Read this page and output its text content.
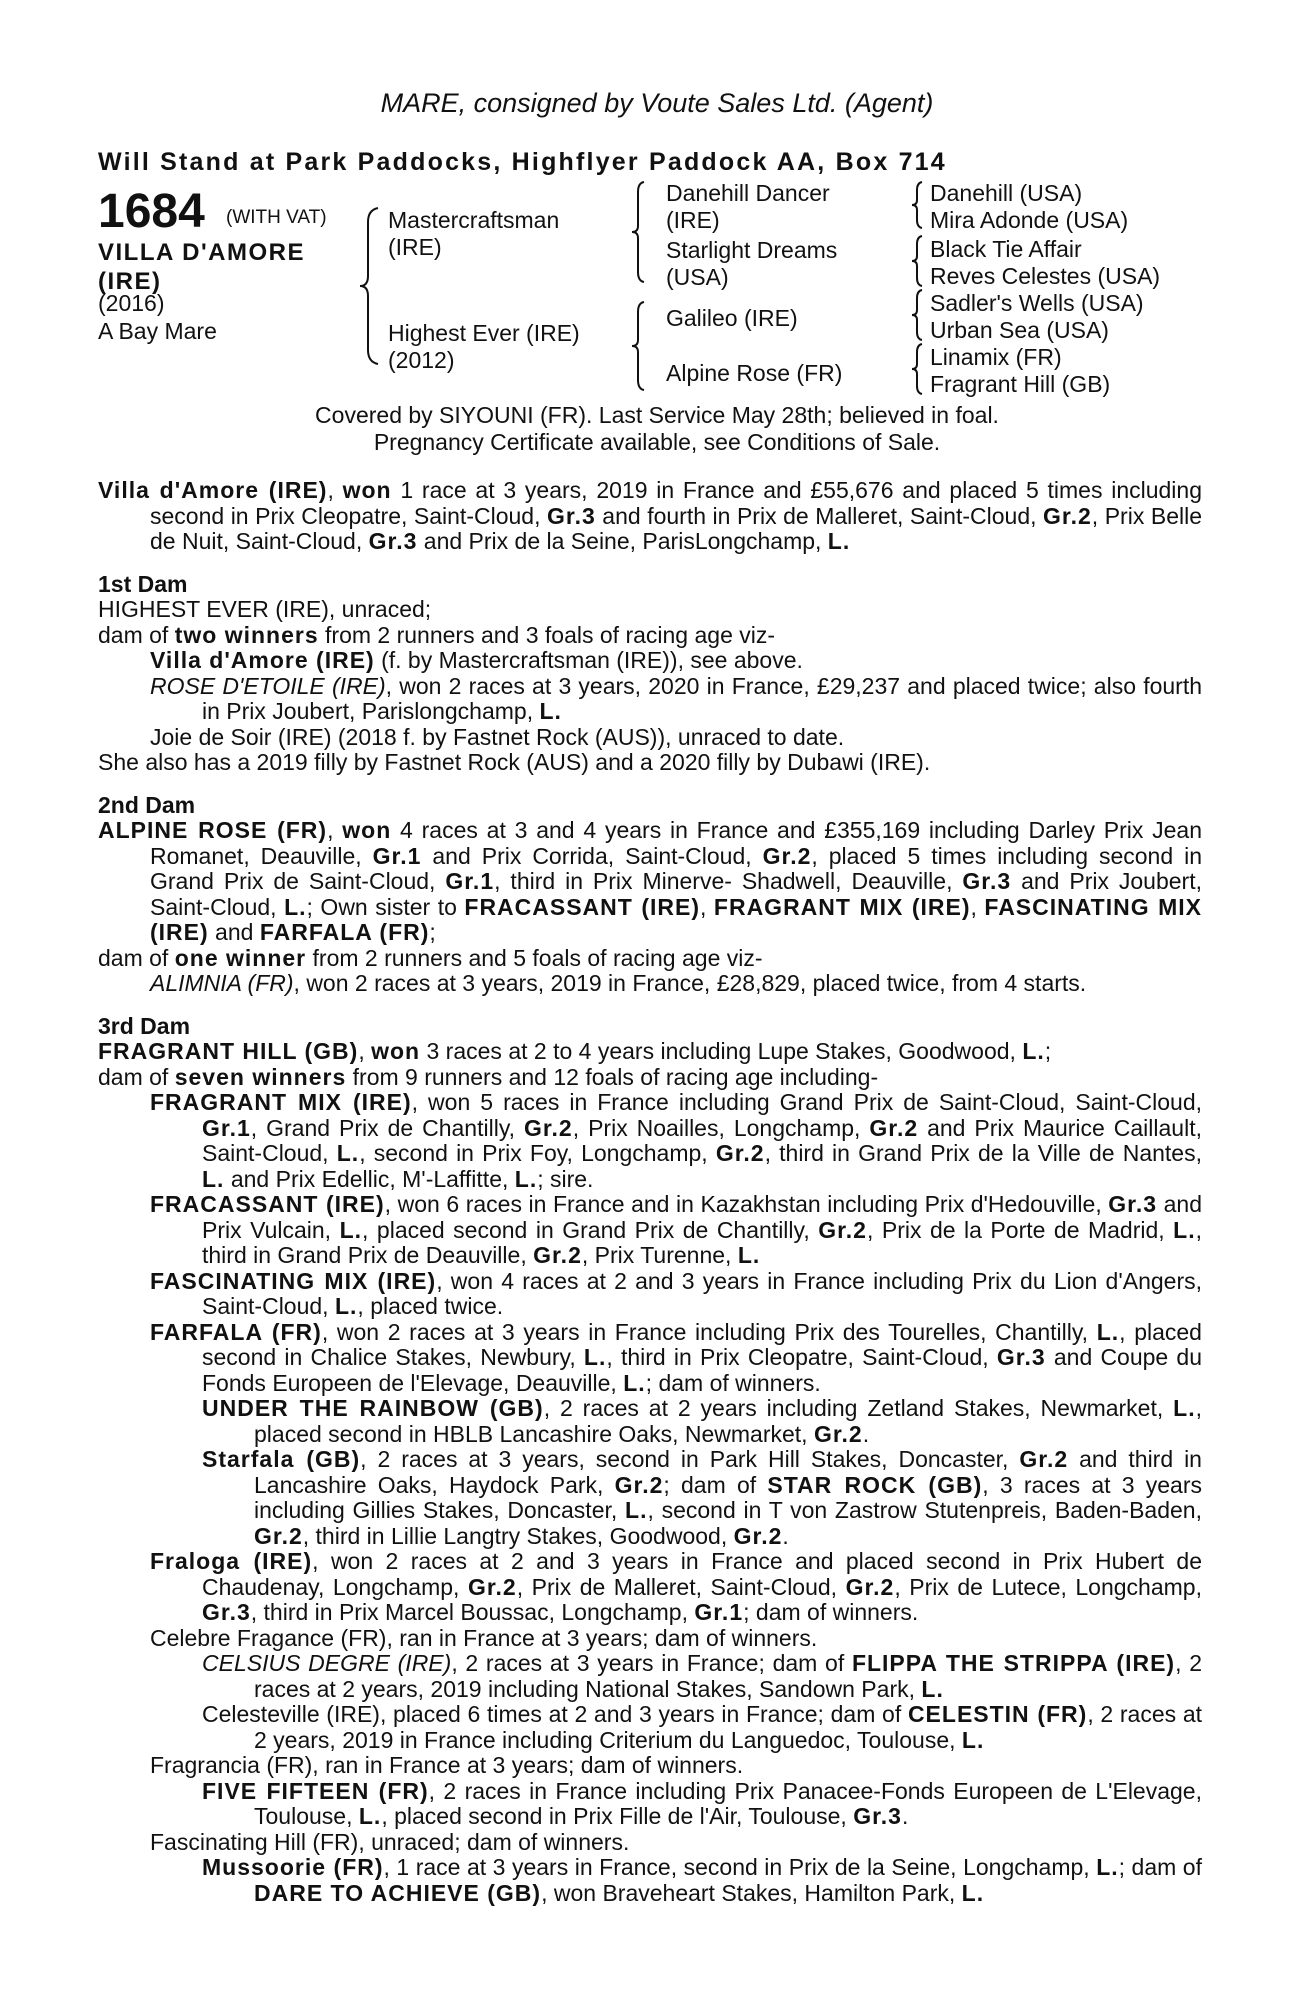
MARE, consigned by Voute Sales Ltd. (Agent)
Will Stand at Park Paddocks, Highflyer Paddock AA, Box 714
1684 (WITH VAT)
VILLA D'AMORE (IRE)
(2016)
A Bay Mare
Mastercraftsman (IRE)
Highest Ever (IRE) (2012)
Danehill Dancer (IRE)
Starlight Dreams (USA)
Galileo (IRE)
Alpine Rose (FR)
Danehill (USA)
Mira Adonde (USA)
Black Tie Affair
Reves Celestes (USA)
Sadler's Wells (USA)
Urban Sea (USA)
Linamix (FR)
Fragrant Hill (GB)
Covered by SIYOUNI (FR). Last Service May 28th; believed in foal. Pregnancy Certificate available, see Conditions of Sale.

Villa d'Amore (IRE), won 1 race at 3 years, 2019 in France and £55,676 and placed 5 times including second in Prix Cleopatre, Saint-Cloud, Gr.3 and fourth in Prix de Malleret, Saint-Cloud, Gr.2, Prix Belle de Nuit, Saint-Cloud, Gr.3 and Prix de la Seine, ParisLongchamp, L.

1st Dam

HIGHEST EVER (IRE), unraced;

dam of two winners from 2 runners and 3 foals of racing age viz-

Villa d'Amore (IRE) (f. by Mastercraftsman (IRE)), see above.

ROSE D'ETOILE (IRE), won 2 races at 3 years, 2020 in France, £29,237 and placed twice; also fourth in Prix Joubert, Parislongchamp, L.

Joie de Soir (IRE) (2018 f. by Fastnet Rock (AUS)), unraced to date.

She also has a 2019 filly by Fastnet Rock (AUS) and a 2020 filly by Dubawi (IRE).

2nd Dam

ALPINE ROSE (FR), won 4 races at 3 and 4 years in France and £355,169 including Darley Prix Jean Romanet, Deauville, Gr.1 and Prix Corrida, Saint-Cloud, Gr.2, placed 5 times including second in Grand Prix de Saint-Cloud, Gr.1, third in Prix Minerve- Shadwell, Deauville, Gr.3 and Prix Joubert, Saint-Cloud, L.; Own sister to FRACASSANT (IRE), FRAGRANT MIX (IRE), FASCINATING MIX (IRE) and FARFALA (FR);

dam of one winner from 2 runners and 5 foals of racing age viz-

ALIMNIA (FR), won 2 races at 3 years, 2019 in France, £28,829, placed twice, from 4 starts.

3rd Dam

FRAGRANT HILL (GB), won 3 races at 2 to 4 years including Lupe Stakes, Goodwood, L.;

dam of seven winners from 9 runners and 12 foals of racing age including-

FRAGRANT MIX (IRE), won 5 races in France including Grand Prix de Saint-Cloud, Saint-Cloud, Gr.1, Grand Prix de Chantilly, Gr.2, Prix Noailles, Longchamp, Gr.2 and Prix Maurice Caillault, Saint-Cloud, L., second in Prix Foy, Longchamp, Gr.2, third in Grand Prix de la Ville de Nantes, L. and Prix Edellic, M'-Laffitte, L.; sire.

FRACASSANT (IRE), won 6 races in France and in Kazakhstan including Prix d'Hedouville, Gr.3 and Prix Vulcain, L., placed second in Grand Prix de Chantilly, Gr.2, Prix de la Porte de Madrid, L., third in Grand Prix de Deauville, Gr.2, Prix Turenne, L.

FASCINATING MIX (IRE), won 4 races at 2 and 3 years in France including Prix du Lion d'Angers, Saint-Cloud, L., placed twice.

FARFALA (FR), won 2 races at 3 years in France including Prix des Tourelles, Chantilly, L., placed second in Chalice Stakes, Newbury, L., third in Prix Cleopatre, Saint-Cloud, Gr.3 and Coupe du Fonds Europeen de l'Elevage, Deauville, L.; dam of winners.

UNDER THE RAINBOW (GB), 2 races at 2 years including Zetland Stakes, Newmarket, L., placed second in HBLB Lancashire Oaks, Newmarket, Gr.2.

Starfala (GB), 2 races at 3 years, second in Park Hill Stakes, Doncaster, Gr.2 and third in Lancashire Oaks, Haydock Park, Gr.2; dam of STAR ROCK (GB), 3 races at 3 years including Gillies Stakes, Doncaster, L., second in T von Zastrow Stutenpreis, Baden-Baden, Gr.2, third in Lillie Langtry Stakes, Goodwood, Gr.2.

Fraloga (IRE), won 2 races at 2 and 3 years in France and placed second in Prix Hubert de Chaudenay, Longchamp, Gr.2, Prix de Malleret, Saint-Cloud, Gr.2, Prix de Lutece, Longchamp, Gr.3, third in Prix Marcel Boussac, Longchamp, Gr.1; dam of winners.

Celebre Fragance (FR), ran in France at 3 years; dam of winners.

CELSIUS DEGRE (IRE), 2 races at 3 years in France; dam of FLIPPA THE STRIPPA (IRE), 2 races at 2 years, 2019 including National Stakes, Sandown Park, L.

Celesteville (IRE), placed 6 times at 2 and 3 years in France; dam of CELESTIN (FR), 2 races at 2 years, 2019 in France including Criterium du Languedoc, Toulouse, L.

Fragrancia (FR), ran in France at 3 years; dam of winners.

FIVE FIFTEEN (FR), 2 races in France including Prix Panacee-Fonds Europeen de L'Elevage, Toulouse, L., placed second in Prix Fille de l'Air, Toulouse, Gr.3.

Fascinating Hill (FR), unraced; dam of winners.

Mussoorie (FR), 1 race at 3 years in France, second in Prix de la Seine, Longchamp, L.; dam of DARE TO ACHIEVE (GB), won Braveheart Stakes, Hamilton Park, L.
